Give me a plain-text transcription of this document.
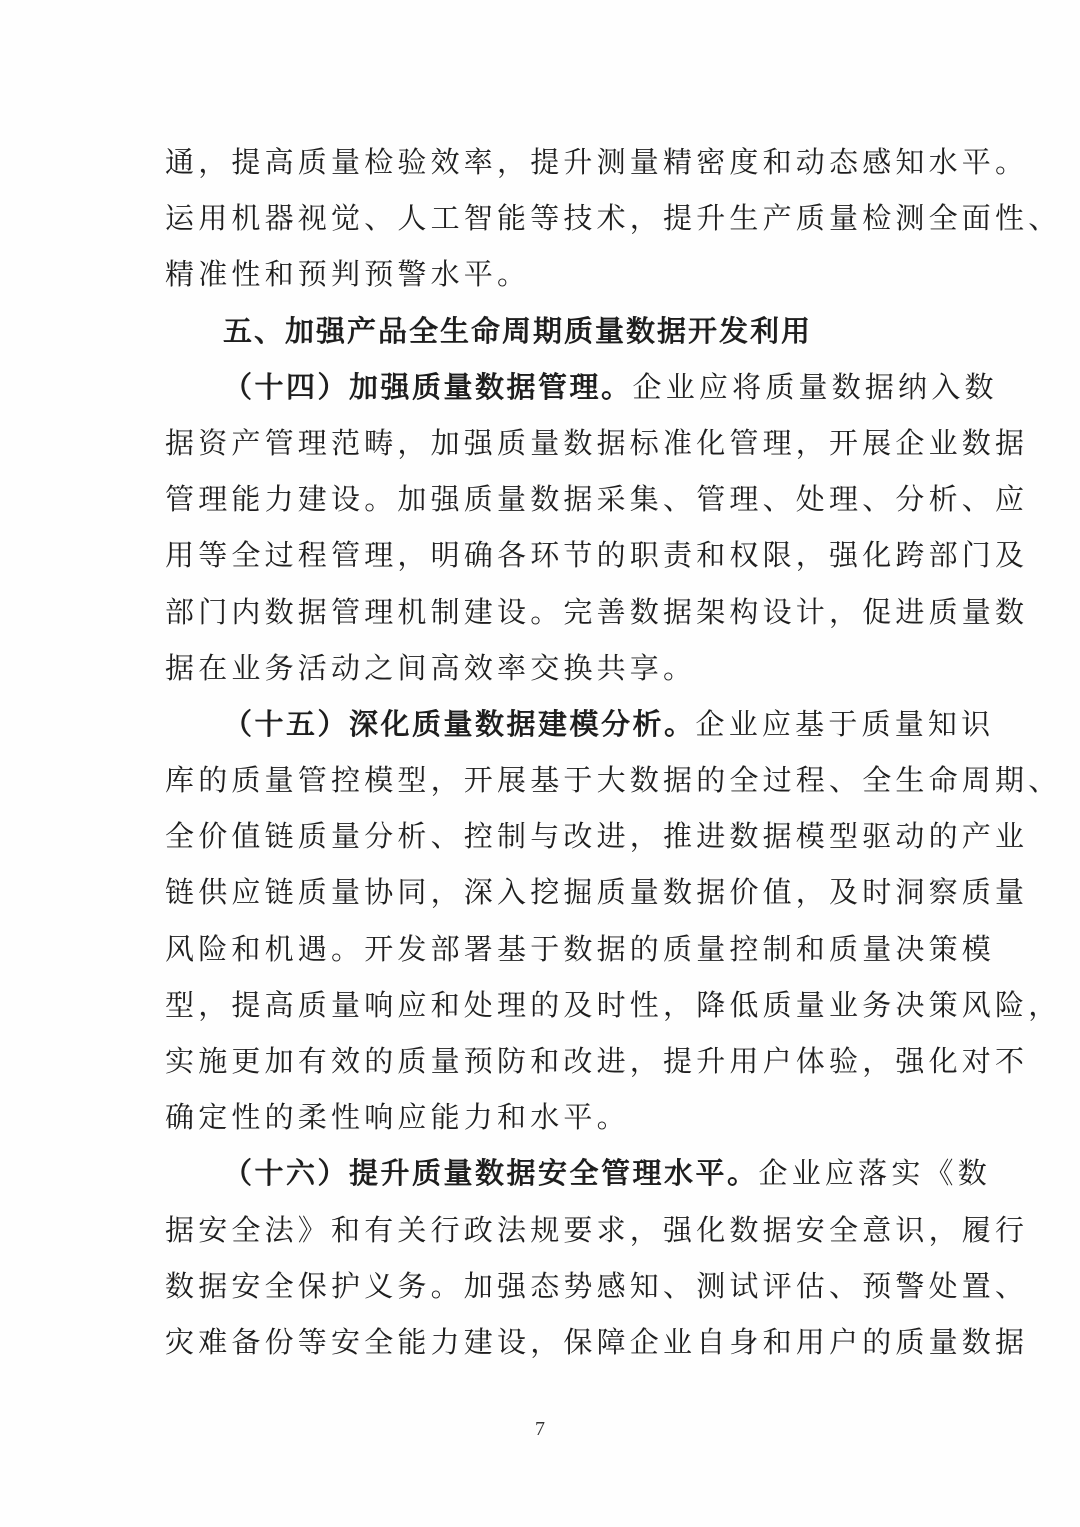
通，提高质量检验效率，提升测量精密度和动态感知水平。
运用机器视觉、人工智能等技术，提升生产质量检测全面性、
精准性和预判预警水平。
五、加强产品全生命周期质量数据开发利用
（十四）加强质量数据管理。企业应将质量数据纳入数
据资产管理范畴，加强质量数据标准化管理，开展企业数据
管理能力建设。加强质量数据采集、管理、处理、分析、应
用等全过程管理，明确各环节的职责和权限，强化跨部门及
部门内数据管理机制建设。完善数据架构设计，促进质量数
据在业务活动之间高效率交换共享。
（十五）深化质量数据建模分析。企业应基于质量知识
库的质量管控模型，开展基于大数据的全过程、全生命周期、
全价值链质量分析、控制与改进，推进数据模型驱动的产业
链供应链质量协同，深入挖掘质量数据价值，及时洞察质量
风险和机遇。开发部署基于数据的质量控制和质量决策模
型，提高质量响应和处理的及时性，降低质量业务决策风险，
实施更加有效的质量预防和改进，提升用户体验，强化对不
确定性的柔性响应能力和水平。
（十六）提升质量数据安全管理水平。企业应落实《数
据安全法》和有关行政法规要求，强化数据安全意识，履行
数据安全保护义务。加强态势感知、测试评估、预警处置、
灾难备份等安全能力建设，保障企业自身和用户的质量数据
7
